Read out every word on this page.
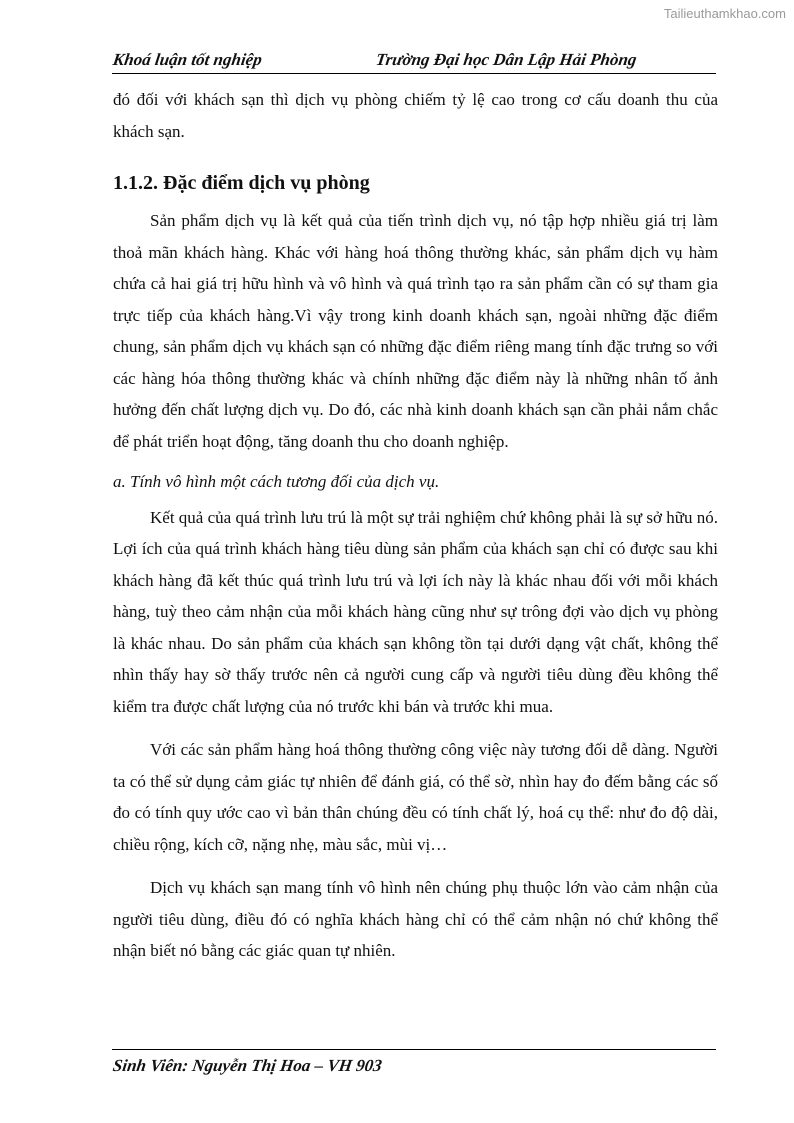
Tailieuthamkhao.com
Khoá luận tốt nghiệp	Trường Đại học Dân Lập Hải Phòng

đó đối với khách sạn thì dịch vụ phòng chiếm tỷ lệ cao trong cơ cấu doanh thu của khách sạn.

1.1.2. Đặc điểm dịch vụ phòng

Sản phẩm dịch vụ là kết quả của tiến trình dịch vụ, nó tập hợp nhiều giá trị làm thoả mãn khách hàng. Khác với hàng hoá thông thường khác, sản phẩm dịch vụ hàm chứa cả hai giá trị hữu hình và vô hình và quá trình tạo ra sản phẩm cần có sự tham gia trực tiếp của khách hàng.Vì vậy trong kinh doanh khách sạn, ngoài những đặc điểm chung, sản phẩm dịch vụ khách sạn có những đặc điểm riêng mang tính đặc trưng so với các hàng hóa thông thường khác và chính những đặc điểm này là những nhân tố ảnh hưởng đến chất lượng dịch vụ. Do đó, các nhà kinh doanh khách sạn cần phải nắm chắc để phát triển hoạt động, tăng doanh thu cho doanh nghiệp.

a. Tính vô hình một cách tương đối của dịch vụ.

Kết quả của quá trình lưu trú là một sự trải nghiệm chứ không phải là sự sở hữu nó. Lợi ích của quá trình khách hàng tiêu dùng sản phẩm của khách sạn chỉ có được sau khi khách hàng đã kết thúc quá trình lưu trú và lợi ích này là khác nhau đối với mỗi khách hàng, tuỳ theo cảm nhận của mỗi khách hàng cũng như sự trông đợi vào dịch vụ phòng là khác nhau. Do sản phẩm của khách sạn không tồn tại dưới dạng vật chất, không thể nhìn thấy hay sờ thấy trước nên cả người cung cấp và người tiêu dùng đều không thể kiểm tra được chất lượng của nó trước khi bán và trước khi mua.

Với các sản phẩm hàng hoá thông thường công việc này tương đối dễ dàng. Người ta có thể sử dụng cảm giác tự nhiên để đánh giá, có thể sờ, nhìn hay đo đếm bằng các số đo có tính quy ước cao vì bản thân chúng đều có tính chất lý, hoá cụ thể: như đo độ dài, chiều rộng, kích cỡ, nặng nhẹ, màu sắc, mùi vị…

Dịch vụ khách sạn mang tính vô hình nên chúng phụ thuộc lớn vào cảm nhận của người tiêu dùng, điều đó có nghĩa khách hàng chỉ có thể cảm nhận nó chứ không thể nhận biết nó bằng các giác quan tự nhiên.

Sinh Viên: Nguyễn Thị Hoa – VH 903
